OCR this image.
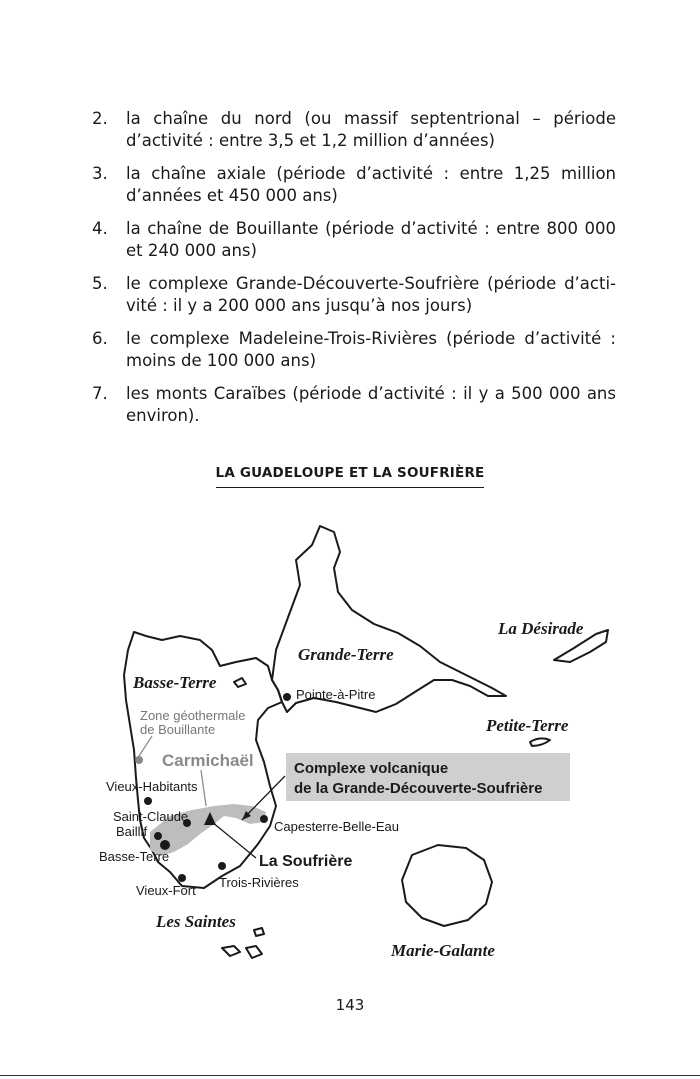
2.	la chaîne du nord (ou massif septentrional – période d’activité : entre 3,5 et 1,2 million d’années)
3.	la chaîne axiale (période d’activité : entre 1,25 million d’années et 450 000 ans)
4.	la chaîne de Bouillante (période d’activité : entre 800 000 et 240 000 ans)
5.	le complexe Grande-Découverte-Soufrière (période d’acti-vité : il y a 200 000 ans jusqu’à nos jours)
6.	le complexe Madeleine-Trois-Rivières (période d’activité : moins de 100 000 ans)
7.	les monts Caraïbes (période d’activité : il y a 500 000 ans environ).
LA GUADELOUPE ET LA SOUFRIÈRE
La Désirade
Grande-Terre
Basse-Terre
Pointe-à-Pitre
Petite-Terre
Zone géothermale
de Bouillante
Carmichaël	Complexe volcanique
de la Grande-Découverte-Soufrière
Vieux-Habitants
Saint-Claude
Baillif	Capesterre-Belle-Eau
Basse-Terre	La Soufrière
Trois-Rivières
Vieux-Fort
Les Saintes
Marie-Galante
143
